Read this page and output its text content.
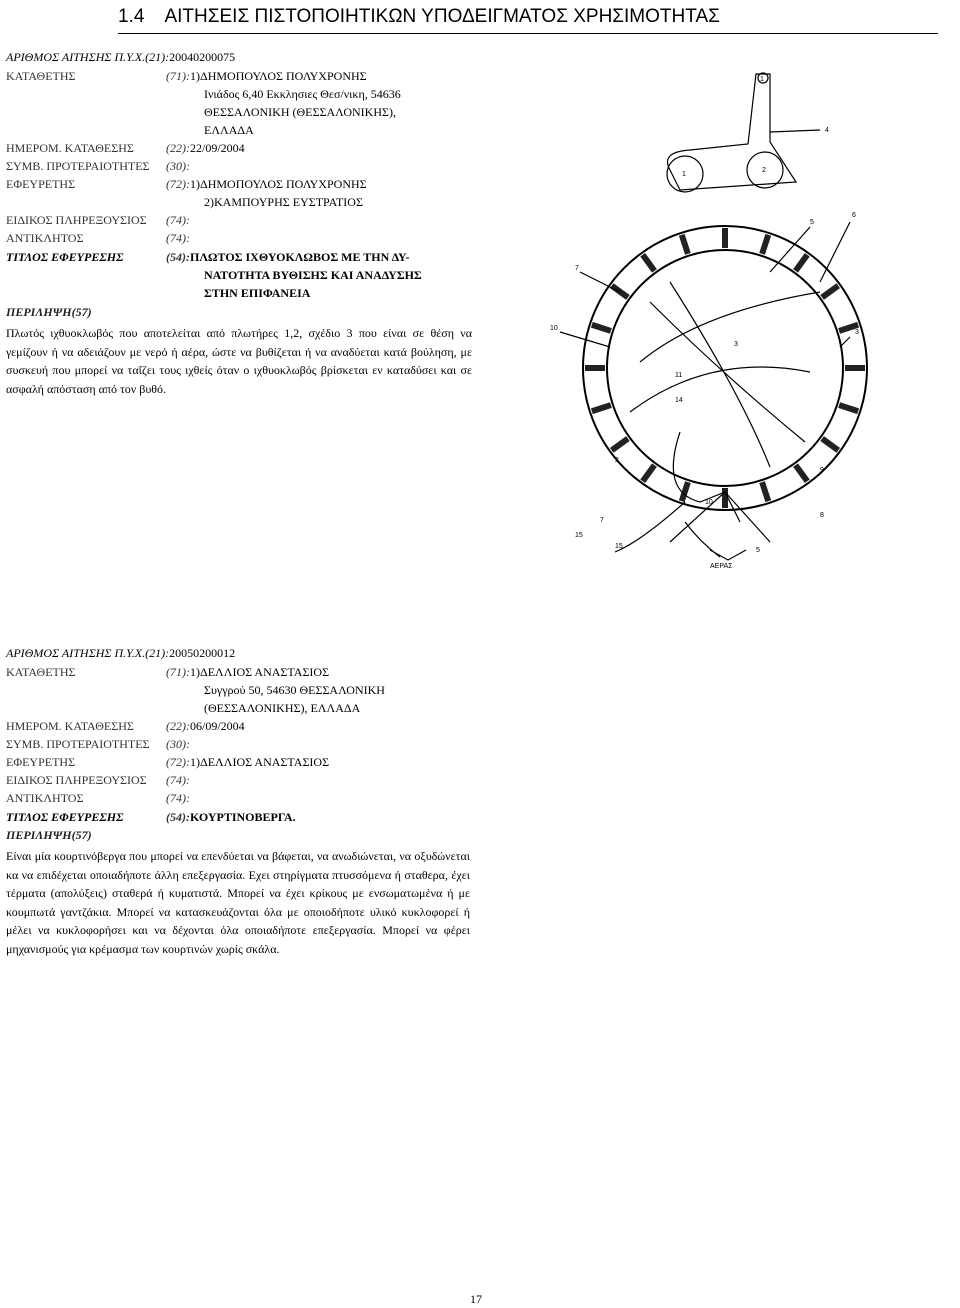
1.4    ΑΙΤΗΣΕΙΣ ΠΙΣΤΟΠΟΙΗΤΙΚΩΝ ΥΠΟΔΕΙΓΜΑΤΟΣ ΧΡΗΣΙΜΟΤΗΤΑΣ
ΑΡΙΘΜΟΣ ΑΙΤΗΣΗΣ Π.Υ.Χ.(21):20040200075
ΚΑΤΑΘΕΤΗΣ	(71):1)ΔΗΜΟΠΟΥΛΟΣ ΠΟΛΥΧΡΟΝΗΣ
Ινιάδος 6,40 Εκκλησιες Θεσ/νικη, 54636
ΘΕΣΣΑΛΟΝΙΚΗ (ΘΕΣΣΑΛΟΝΙΚΗΣ),
ΕΛΛΑΔΑ
ΗΜΕΡΟΜ. ΚΑΤΑΘΕΣΗΣ	(22):22/09/2004
ΣΥΜΒ. ΠΡΟΤΕΡΑΙΟΤΗΤΕΣ (30):
ΕΦΕΥΡΕΤΗΣ	(72):1)ΔΗΜΟΠΟΥΛΟΣ ΠΟΛΥΧΡΟΝΗΣ
2)ΚΑΜΠΟΥΡΗΣ ΕΥΣΤΡΑΤΙΟΣ
ΕΙΔΙΚΟΣ ΠΛΗΡΕΞΟΥΣΙΟΣ (74):
ΑΝΤΙΚΛΗΤΟΣ	(74):
ΤΙΤΛΟΣ ΕΦΕΥΡΕΣΗΣ	(54):ΠΛΩΤΟΣ ΙΧΘΥΟΚΛΩΒΟΣ ΜΕ ΤΗΝ ΔΥ-
ΝΑΤΟΤΗΤΑ ΒΥΘΙΣΗΣ ΚΑΙ ΑΝΑΔΥΣΗΣ
ΣΤΗΝ ΕΠΙΦΑΝΕΙΑ
ΠΕΡΙΛΗΨΗ(57)
Πλωτός ιχθυοκλωβός που αποτελείται από πλωτήρες 1,2, σχέδιο 3 που είναι σε θέση να γεμίζουν ή να αδειάζουν με νερό ή αέρα, ώστε να βυθίζεται ή να αναδύεται κατά βούληση, με συσκευή που μπορεί να ταΐζει τους ιχθείς όταν ο ιχθυοκλωβός βρίσκεται εν καταδύσει και σε ασφαλή απόσταση από τον βυθό.
1
1
2
4
5
6
7
10
2
3
3
11
14
15
9
8
7
10
5
15
ΑΕΡΑΣ
ΑΡΙΘΜΟΣ ΑΙΤΗΣΗΣ Π.Υ.Χ.(21):20050200012
ΚΑΤΑΘΕΤΗΣ	(71):1)ΔΕΛΛΙΟΣ ΑΝΑΣΤΑΣΙΟΣ
Συγγρού 50, 54630 ΘΕΣΣΑΛΟΝΙΚΗ
(ΘΕΣΣΑΛΟΝΙΚΗΣ), ΕΛΛΑΔΑ
ΗΜΕΡΟΜ. ΚΑΤΑΘΕΣΗΣ	(22):06/09/2004
ΣΥΜΒ. ΠΡΟΤΕΡΑΙΟΤΗΤΕΣ (30):
ΕΦΕΥΡΕΤΗΣ	(72):1)ΔΕΛΛΙΟΣ ΑΝΑΣΤΑΣΙΟΣ
ΕΙΔΙΚΟΣ ΠΛΗΡΕΞΟΥΣΙΟΣ (74):
ΑΝΤΙΚΛΗΤΟΣ	(74):
ΤΙΤΛΟΣ ΕΦΕΥΡΕΣΗΣ	(54):ΚΟΥΡΤΙΝΟΒΕΡΓΑ.
ΠΕΡΙΛΗΨΗ(57)
Είναι μία κουρτινόβεργα που μπορεί να επενδύεται να βάφεται, να ανωδιώνεται, να οξυδώνεται κα να επιδέχεται οποιαδήποτε άλλη επεξεργασία. Εχει στηρίγματα πτυσσόμενα ή σταθερα, έχει τέρματα (απολύξεις) σταθερά ή κυματιστά. Μπορεί να έχει κρίκους με ενσωματωμένα ή με κουμπωτά γαντζάκια. Μπορεί να κατασκευάζονται όλα με οποιοδήποτε υλικό κυκλοφορεί ή μέλει να κυκλοφορήσει και να δέχονται όλα οποιαδήποτε επεξεργασία. Μπορεί να φέρει μηχανισμούς για κρέμασμα των κουρτινών χωρίς σκάλα.
17
